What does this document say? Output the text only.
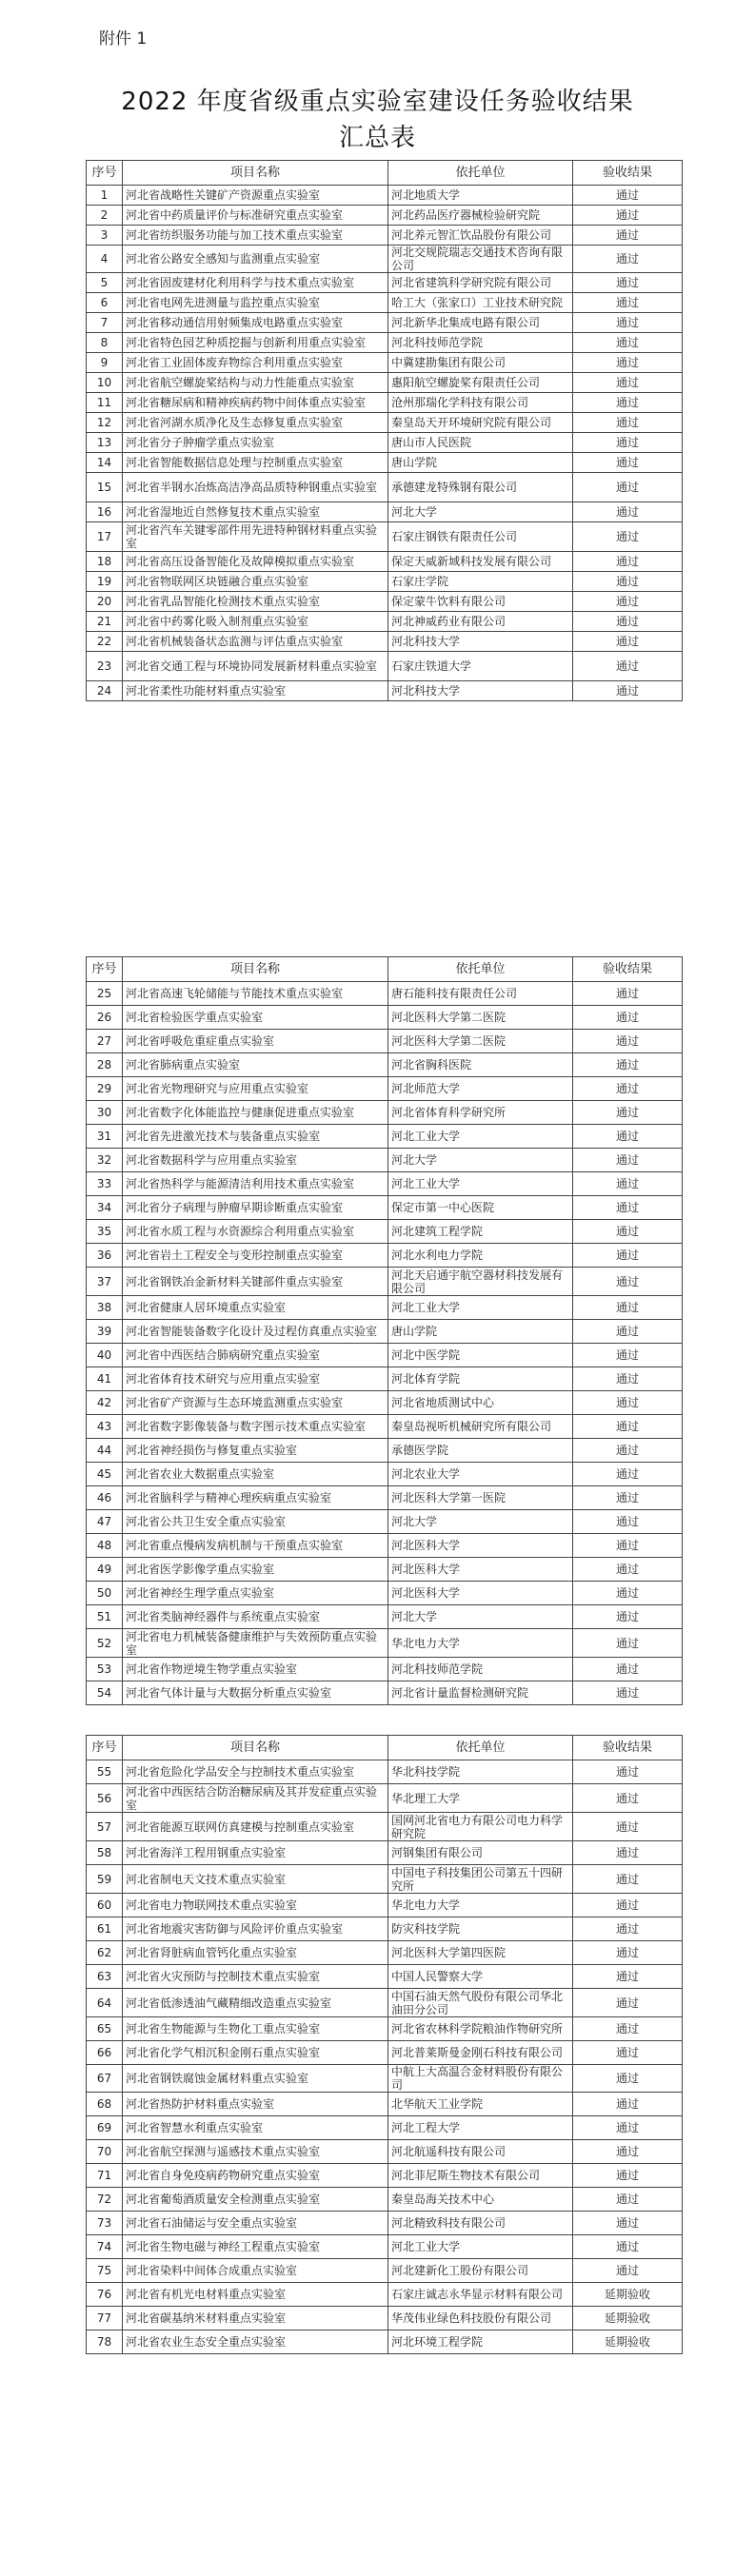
附件 1
2022 年度省级重点实验室建设任务验收结果
汇总表
序号	项目名称	依托单位	验收结果
1	河北省战略性关键矿产资源重点实验室	河北地质大学	通过
2	河北省中药质量评价与标准研究重点实验室	河北药品医疗器械检验研究院	通过
3	河北省纺织服务功能与加工技术重点实验室	河北养元智汇饮品股份有限公司	通过
4	河北省公路安全感知与监测重点实验室	河北交规院瑞志交通技术咨询有限公司	通过
5	河北省固废建材化利用科学与技术重点实验室	河北省建筑科学研究院有限公司	通过
6	河北省电网先进测量与监控重点实验室	哈工大（张家口）工业技术研究院	通过
7	河北省移动通信用射频集成电路重点实验室	河北新华北集成电路有限公司	通过
8	河北省特色园艺种质挖掘与创新利用重点实验室	河北科技师范学院	通过
9	河北省工业固体废弃物综合利用重点实验室	中冀建勘集团有限公司	通过
10	河北省航空螺旋桨结构与动力性能重点实验室	惠阳航空螺旋桨有限责任公司	通过
11	河北省糖尿病和精神疾病药物中间体重点实验室	沧州那瑞化学科技有限公司	通过
12	河北省河湖水质净化及生态修复重点实验室	秦皇岛天开环境研究院有限公司	通过
13	河北省分子肿瘤学重点实验室	唐山市人民医院	通过
14	河北省智能数据信息处理与控制重点实验室	唐山学院	通过
15	河北省半钢水冶炼高洁净高品质特种钢重点实验室	承德建龙特殊钢有限公司	通过
16	河北省湿地近自然修复技术重点实验室	河北大学	通过
17	河北省汽车关键零部件用先进特种钢材料重点实验室	石家庄钢铁有限责任公司	通过
18	河北省高压设备智能化及故障模拟重点实验室	保定天威新域科技发展有限公司	通过
19	河北省物联网区块链融合重点实验室	石家庄学院	通过
20	河北省乳品智能化检测技术重点实验室	保定蒙牛饮料有限公司	通过
21	河北省中药雾化吸入制剂重点实验室	河北神威药业有限公司	通过
22	河北省机械装备状态监测与评估重点实验室	河北科技大学	通过
23	河北省交通工程与环境协同发展新材料重点实验室	石家庄铁道大学	通过
24	河北省柔性功能材料重点实验室	河北科技大学	通过
序号	项目名称	依托单位	验收结果
25	河北省高速飞轮储能与节能技术重点实验室	唐石能科技有限责任公司	通过
26	河北省检验医学重点实验室	河北医科大学第二医院	通过
27	河北省呼吸危重症重点实验室	河北医科大学第二医院	通过
28	河北省肺病重点实验室	河北省胸科医院	通过
29	河北省光物理研究与应用重点实验室	河北师范大学	通过
30	河北省数字化体能监控与健康促进重点实验室	河北省体育科学研究所	通过
31	河北省先进激光技术与装备重点实验室	河北工业大学	通过
32	河北省数据科学与应用重点实验室	河北大学	通过
33	河北省热科学与能源清洁利用技术重点实验室	河北工业大学	通过
34	河北省分子病理与肿瘤早期诊断重点实验室	保定市第一中心医院	通过
35	河北省水质工程与水资源综合利用重点实验室	河北建筑工程学院	通过
36	河北省岩土工程安全与变形控制重点实验室	河北水利电力学院	通过
37	河北省钢铁冶金新材料关键部件重点实验室	河北天启通宇航空器材科技发展有限公司	通过
38	河北省健康人居环境重点实验室	河北工业大学	通过
39	河北省智能装备数字化设计及过程仿真重点实验室	唐山学院	通过
40	河北省中西医结合肺病研究重点实验室	河北中医学院	通过
41	河北省体育技术研究与应用重点实验室	河北体育学院	通过
42	河北省矿产资源与生态环境监测重点实验室	河北省地质测试中心	通过
43	河北省数字影像装备与数字图示技术重点实验室	秦皇岛视听机械研究所有限公司	通过
44	河北省神经损伤与修复重点实验室	承德医学院	通过
45	河北省农业大数据重点实验室	河北农业大学	通过
46	河北省脑科学与精神心理疾病重点实验室	河北医科大学第一医院	通过
47	河北省公共卫生安全重点实验室	河北大学	通过
48	河北省重点慢病发病机制与干预重点实验室	河北医科大学	通过
49	河北省医学影像学重点实验室	河北医科大学	通过
50	河北省神经生理学重点实验室	河北医科大学	通过
51	河北省类脑神经器件与系统重点实验室	河北大学	通过
52	河北省电力机械装备健康维护与失效预防重点实验室	华北电力大学	通过
53	河北省作物逆境生物学重点实验室	河北科技师范学院	通过
54	河北省气体计量与大数据分析重点实验室	河北省计量监督检测研究院	通过
序号	项目名称	依托单位	验收结果
55	河北省危险化学品安全与控制技术重点实验室	华北科技学院	通过
56	河北省中西医结合防治糖尿病及其并发症重点实验室	华北理工大学	通过
57	河北省能源互联网仿真建模与控制重点实验室	国网河北省电力有限公司电力科学研究院	通过
58	河北省海洋工程用钢重点实验室	河钢集团有限公司	通过
59	河北省制电天文技术重点实验室	中国电子科技集团公司第五十四研究所	通过
60	河北省电力物联网技术重点实验室	华北电力大学	通过
61	河北省地震灾害防御与风险评价重点实验室	防灾科技学院	通过
62	河北省肾脏病血管钙化重点实验室	河北医科大学第四医院	通过
63	河北省火灾预防与控制技术重点实验室	中国人民警察大学	通过
64	河北省低渗透油气藏精细改造重点实验室	中国石油天然气股份有限公司华北油田分公司	通过
65	河北省生物能源与生物化工重点实验室	河北省农林科学院粮油作物研究所	通过
66	河北省化学气相沉积金刚石重点实验室	河北普莱斯曼金刚石科技有限公司	通过
67	河北省钢铁腐蚀金属材料重点实验室	中航上大高温合金材料股份有限公司	通过
68	河北省热防护材料重点实验室	北华航天工业学院	通过
69	河北省智慧水利重点实验室	河北工程大学	通过
70	河北省航空探测与遥感技术重点实验室	河北航遥科技有限公司	通过
71	河北省自身免疫病药物研究重点实验室	河北菲尼斯生物技术有限公司	通过
72	河北省葡萄酒质量安全检测重点实验室	秦皇岛海关技术中心	通过
73	河北省石油储运与安全重点实验室	河北精致科技有限公司	通过
74	河北省生物电磁与神经工程重点实验室	河北工业大学	通过
75	河北省染料中间体合成重点实验室	河北建新化工股份有限公司	通过
76	河北省有机光电材料重点实验室	石家庄诚志永华显示材料有限公司	延期验收
77	河北省碳基纳米材料重点实验室	华茂伟业绿色科技股份有限公司	延期验收
78	河北省农业生态安全重点实验室	河北环境工程学院	延期验收
